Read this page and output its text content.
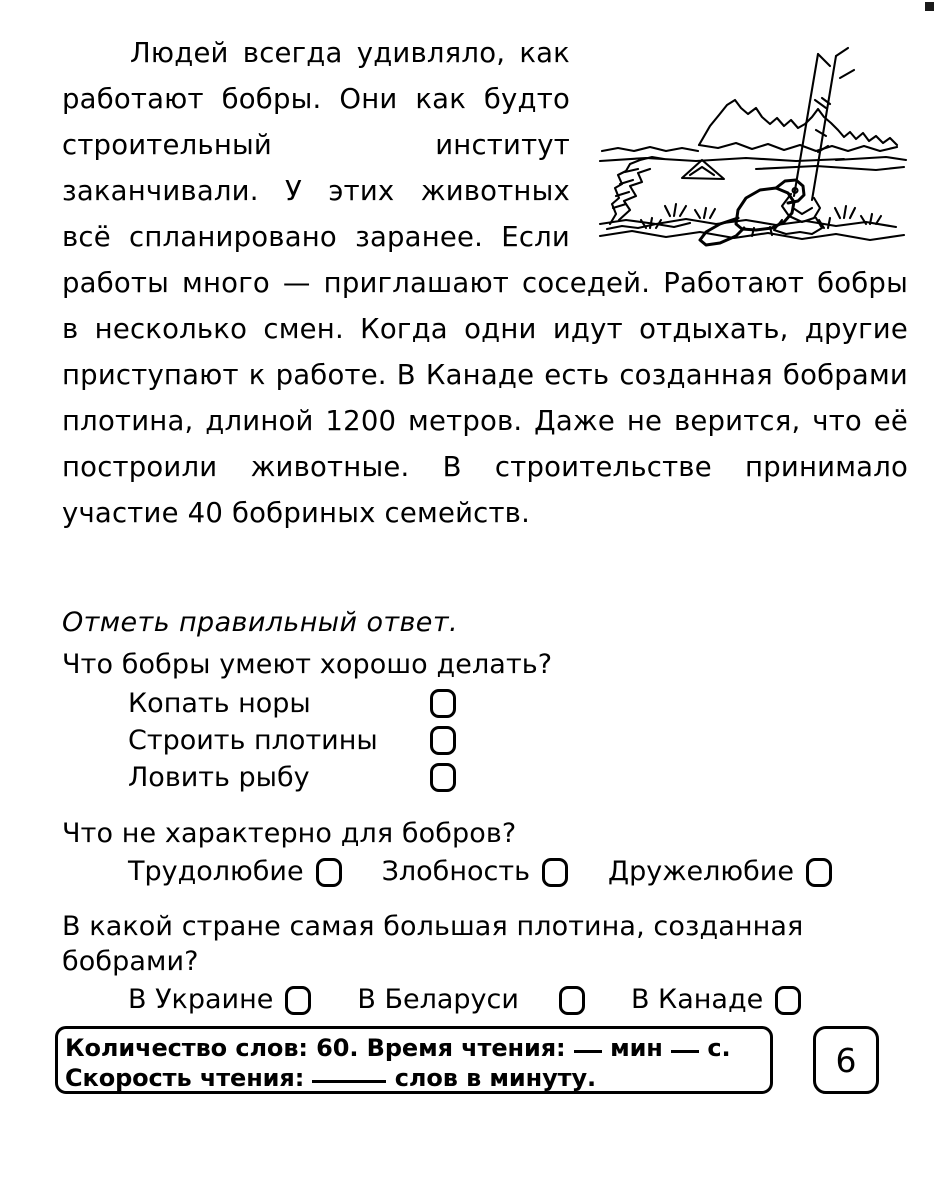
Людей всегда удивляло, как работают бобры. Они как будто строительный институт заканчивали. У этих животных всё спланировано заранее. Если работы много — приглашают соседей. Работают бобры в несколько смен. Когда одни идут отдыхать, другие приступают к работе. В Канаде есть созданная бобрами плотина, длиной 1200 метров. Даже не верится, что её построили животные. В строительстве принимало участие 40 бобриных семейств.

Отметь правильный ответ.
Что бобры умеют хорошо делать?
Копать норы
Строить плотины
Ловить рыбу
Что не характерно для бобров?
Трудолюбие	Злобность	Дружелюбие
В какой стране самая большая плотина, созданная бобрами?
В Украине	В Беларуси	В Канаде
Количество слов: 60. Время чтения: мин с.
Скорость чтения:	слов в минуту.	6
